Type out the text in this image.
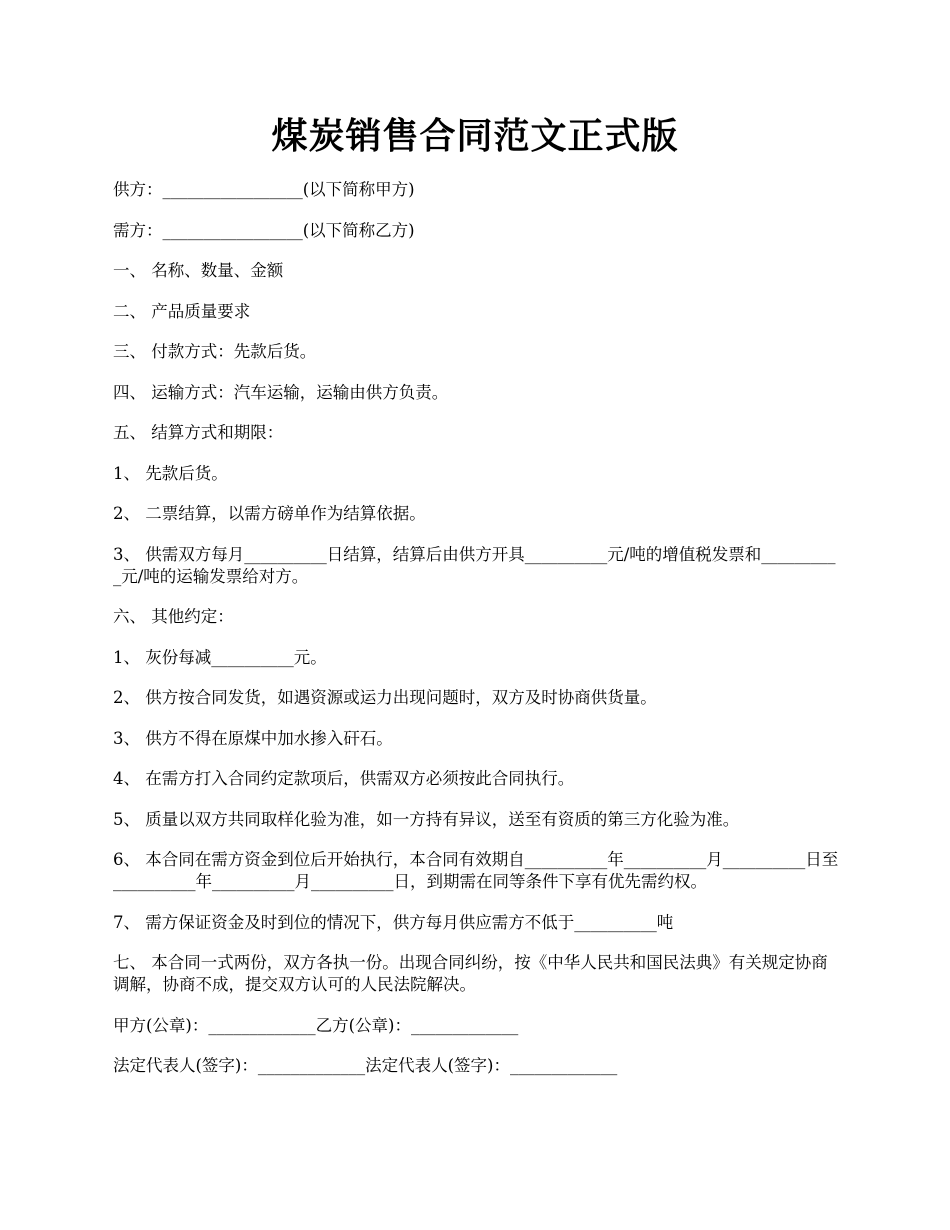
煤炭销售合同范文正式版

供方：_________________(以下简称甲方)

需方：_________________(以下简称乙方)

一、 名称、数量、金额

二、 产品质量要求

三、 付款方式：先款后货。

四、 运输方式：汽车运输，运输由供方负责。

五、 结算方式和期限：

1、 先款后货。

2、 二票结算，以需方磅单作为结算依据。

3、 供需双方每月__________日结算，结算后由供方开具__________元/吨的增值税发票和__________元/吨的运输发票给对方。

六、 其他约定：

1、 灰份每减__________元。

2、 供方按合同发货，如遇资源或运力出现问题时，双方及时协商供货量。

3、 供方不得在原煤中加水掺入矸石。

4、 在需方打入合同约定款项后，供需双方必须按此合同执行。

5、 质量以双方共同取样化验为准，如一方持有异议，送至有资质的第三方化验为准。

6、 本合同在需方资金到位后开始执行，本合同有效期自__________年__________月__________日至__________年__________月__________日，到期需在同等条件下享有优先需约权。

7、 需方保证资金及时到位的情况下，供方每月供应需方不低于__________吨

七、 本合同一式两份，双方各执一份。出现合同纠纷，按《中华人民共和国民法典》有关规定协商调解，协商不成，提交双方认可的人民法院解决。

甲方(公章)：_____________乙方(公章)：_____________

法定代表人(签字)：_____________法定代表人(签字)：_____________
